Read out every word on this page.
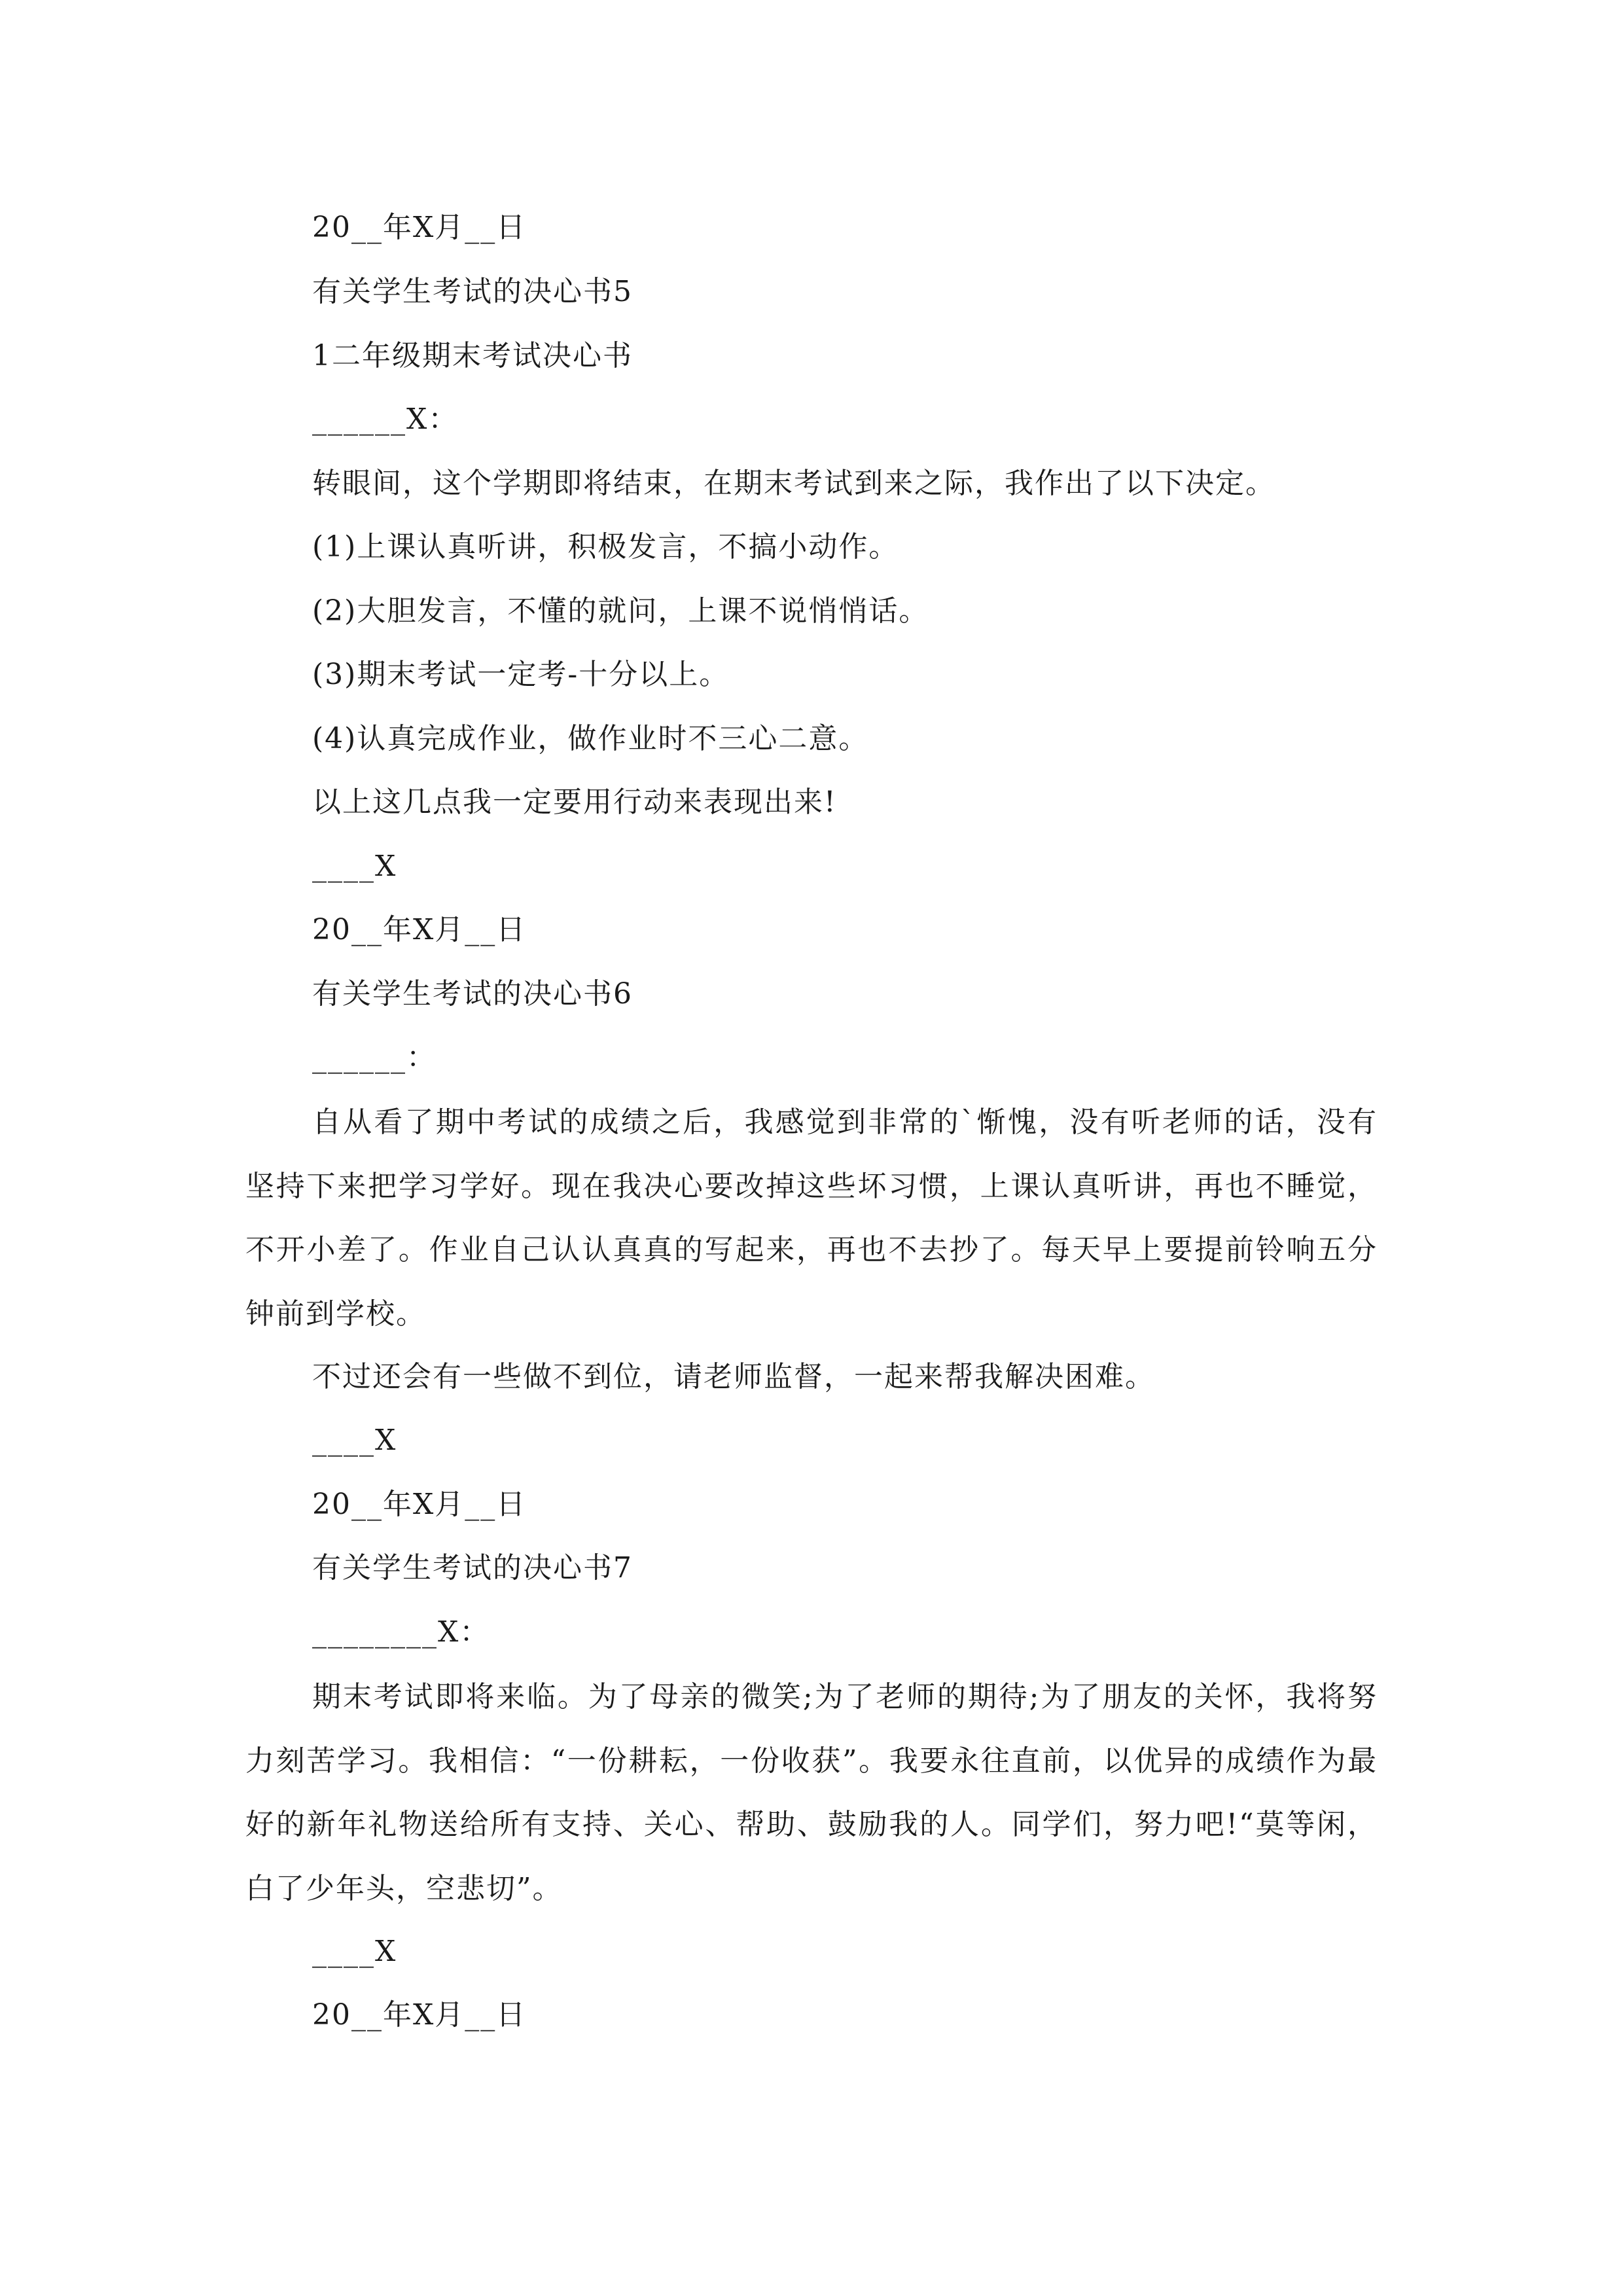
20__年X月__日
有关学生考试的决心书5
1二年级期末考试决心书
______X：
转眼间，这个学期即将结束，在期末考试到来之际，我作出了以下决定。
(1)上课认真听讲，积极发言，不搞小动作。
(2)大胆发言，不懂的就问，上课不说悄悄话。
(3)期末考试一定考-十分以上。
(4)认真完成作业，做作业时不三心二意。
以上这几点我一定要用行动来表现出来!
____X
20__年X月__日
有关学生考试的决心书6
______：

自从看了期中考试的成绩之后，我感觉到非常的`惭愧，没有听老师的话，没有坚持下来把学习学好。现在我决心要改掉这些坏习惯，上课认真听讲，再也不睡觉，不开小差了。作业自己认认真真的写起来，再也不去抄了。每天早上要提前铃响五分钟前到学校。

不过还会有一些做不到位，请老师监督，一起来帮我解决困难。
____X
20__年X月__日
有关学生考试的决心书7
________X：

期末考试即将来临。为了母亲的微笑;为了老师的期待;为了朋友的关怀，我将努力刻苦学习。我相信：“一份耕耘，一份收获”。我要永往直前，以优异的成绩作为最好的新年礼物送给所有支持、关心、帮助、鼓励我的人。同学们，努力吧!“莫等闲，白了少年头，空悲切”。

____X
20__年X月__日
